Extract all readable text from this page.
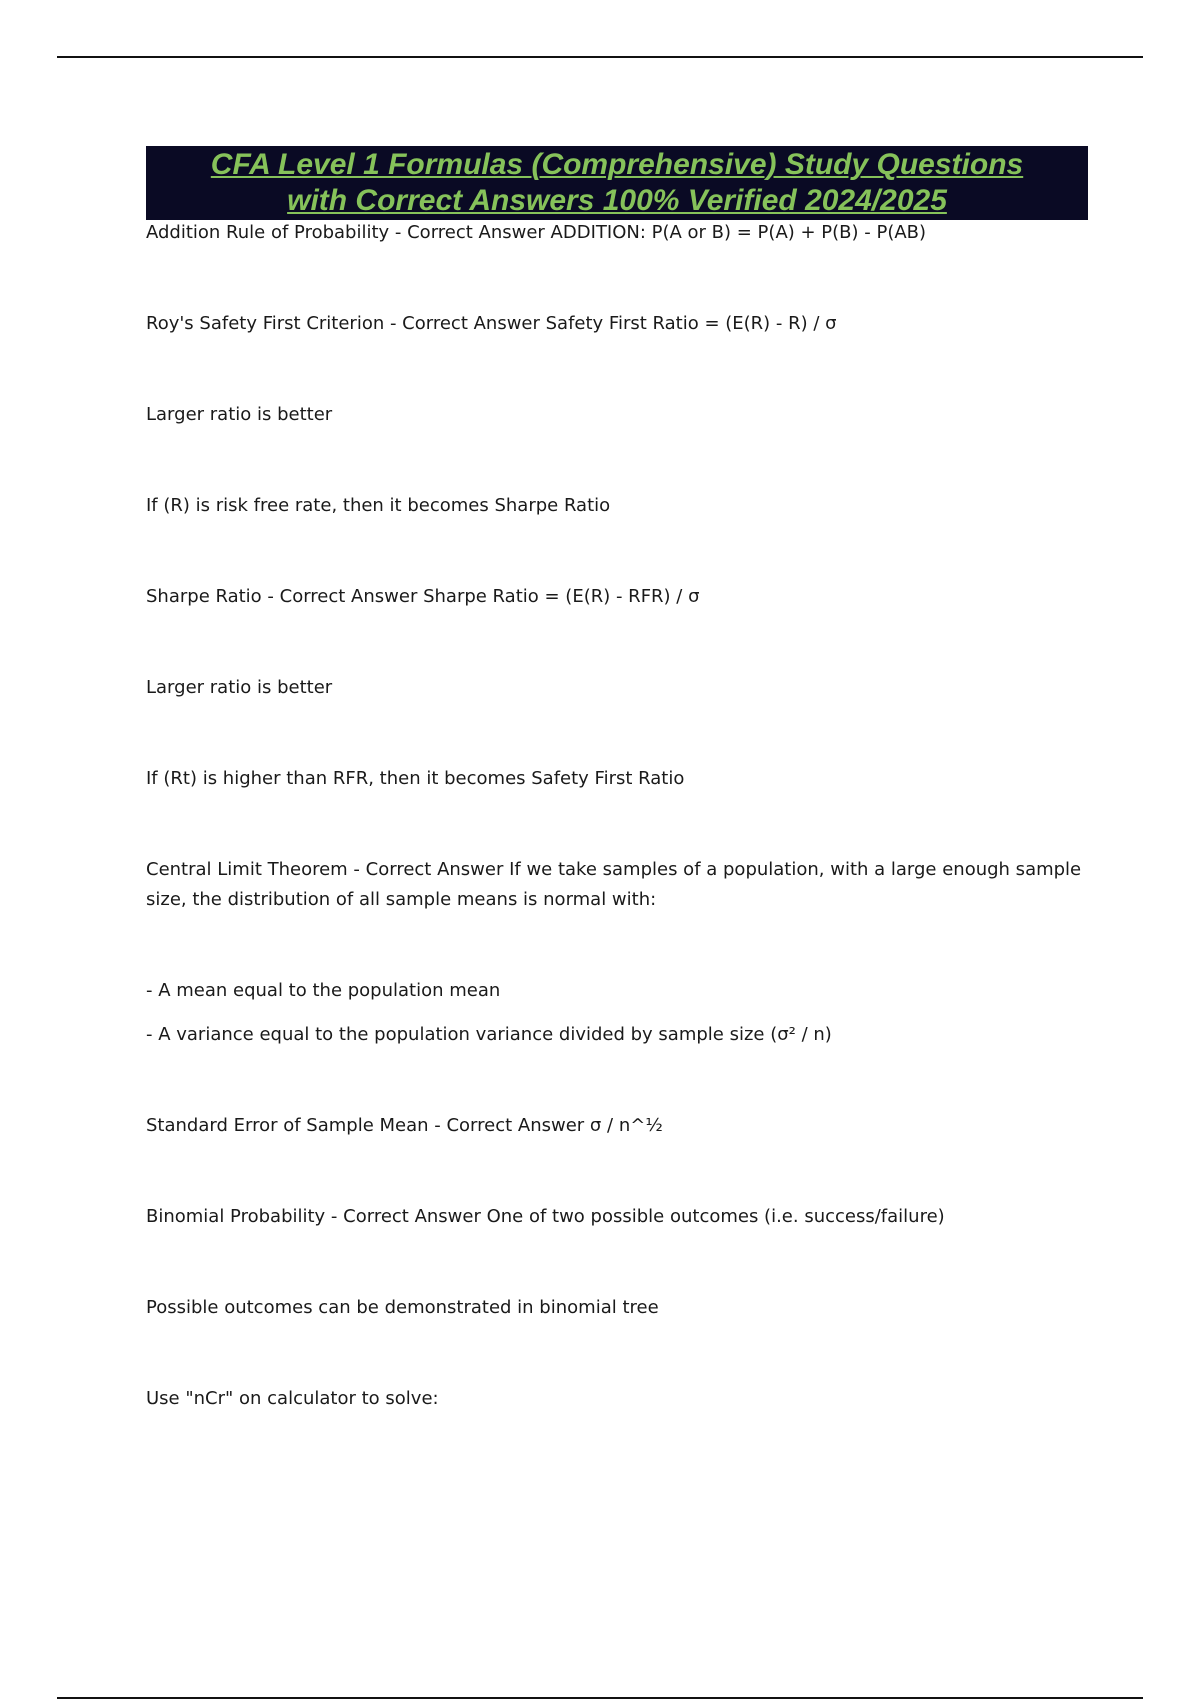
CFA Level 1 Formulas (Comprehensive) Study Questions
with Correct Answers 100% Verified 2024/2025

Addition Rule of Probability - Correct Answer ADDITION: P(A or B) = P(A) + P(B) - P(AB)

Roy's Safety First Criterion - Correct Answer Safety First Ratio = (E(R) - R) / σ

Larger ratio is better

If (R) is risk free rate, then it becomes Sharpe Ratio

Sharpe Ratio - Correct Answer Sharpe Ratio = (E(R) - RFR) / σ

Larger ratio is better

If (Rt) is higher than RFR, then it becomes Safety First Ratio

Central Limit Theorem - Correct Answer If we take samples of a population, with a large enough sample size, the distribution of all sample means is normal with:

- A mean equal to the population mean

- A variance equal to the population variance divided by sample size (σ² / n)

Standard Error of Sample Mean - Correct Answer σ / n^½

Binomial Probability - Correct Answer One of two possible outcomes (i.e. success/failure)

Possible outcomes can be demonstrated in binomial tree

Use "nCr" on calculator to solve:
